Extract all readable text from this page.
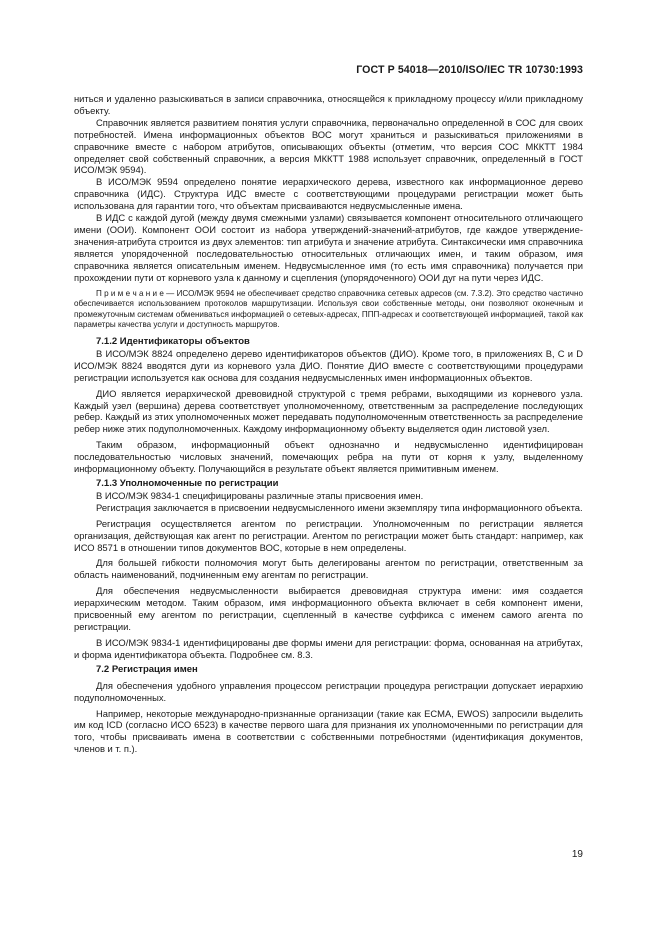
ГОСТ Р 54018—2010/ISO/IEC TR 10730:1993

ниться и удаленно разыскиваться в записи справочника, относящейся к прикладному процессу и/или прикладному объекту.

Справочник является развитием понятия услуги справочника, первоначально определенной в СОС для своих потребностей. Имена информационных объектов ВОС могут храниться и разыскиваться приложениями в справочнике вместе с набором атрибутов, описывающих объекты (отметим, что версия СОС МККТТ 1984 определяет свой собственный справочник, а версия МККТТ 1988 использует справочник, определенный в ГОСТ ИСО/МЭК 9594).

В ИСО/МЭК 9594 определено понятие иерархического дерева, известного как информационное дерево справочника (ИДС). Структура ИДС вместе с соответствующими процедурами регистрации может быть использована для гарантии того, что объектам присваиваются недвусмысленные имена.

В ИДС с каждой дугой (между двумя смежными узлами) связывается компонент относительного отличающего имени (ООИ). Компонент ООИ состоит из набора утверждений-значений-атрибутов, где каждое утверждение-значения-атрибута строится из двух элементов: тип атрибута и значение атрибута. Синтаксически имя справочника является упорядоченной последовательностью относительных отличающих имен, и таким образом, имя справочника является описательным именем. Недвусмысленное имя (то есть имя справочника) получается при прохождении пути от корневого узла к данному и сцепления (упорядоченного) ООИ дуг на пути через ИДС.

П р и м е ч а н и е — ИСО/МЭК 9594 не обеспечивает средство справочника сетевых адресов (см. 7.3.2). Это средство частично обеспечивается использованием протоколов маршрутизации. Используя свои собственные методы, они позволяют оконечным и промежуточным системам обмениваться информацией о сетевых-адресах, ППП-адресах и соответствующей информацией, такой как параметры качества услуги и доступность маршрутов.

7.1.2 Идентификаторы объектов

В ИСО/МЭК 8824 определено дерево идентификаторов объектов (ДИО). Кроме того, в приложениях B, C и D ИСО/МЭК 8824 вводятся дуги из корневого узла ДИО. Понятие ДИО вместе с соответствующими процедурами регистрации используется как основа для создания недвусмысленных имен информационных объектов.

ДИО является иерархической древовидной структурой с тремя ребрами, выходящими из корневого узла. Каждый узел (вершина) дерева соответствует уполномоченному, ответственным за распределение последующих ребер. Каждый из этих уполномоченных может передавать подуполномоченным ответственность за распределение ребер ниже этих подуполномоченных. Каждому информационному объекту выделяется один листовой узел.

Таким образом, информационный объект однозначно и недвусмысленно идентифицирован последовательностью числовых значений, помечающих ребра на пути от корня к узлу, выделенному информационному объекту. Получающийся в результате объект является примитивным именем.

7.1.3 Уполномоченные по регистрации

В ИСО/МЭК 9834-1 специфицированы различные этапы присвоения имен.

Регистрация заключается в присвоении недвусмысленного имени экземпляру типа информационного объекта.

Регистрация осуществляется агентом по регистрации. Уполномоченным по регистрации является организация, действующая как агент по регистрации. Агентом по регистрации может быть стандарт: например, как ИСО 8571 в отношении типов документов ВОС, которые в нем определены.

Для большей гибкости полномочия могут быть делегированы агентом по регистрации, ответственным за область наименований, подчиненным ему агентам по регистрации.

Для обеспечения недвусмысленности выбирается древовидная структура имени: имя создается иерархическим методом. Таким образом, имя информационного объекта включает в себя компонент имени, присвоенный ему агентом по регистрации, сцепленный в качестве суффикса с именем самого агента по регистрации.

В ИСО/МЭК 9834-1 идентифицированы две формы имени для регистрации: форма, основанная на атрибутах, и форма идентификатора объекта. Подробнее см. 8.3.

7.2 Регистрация имен

Для обеспечения удобного управления процессом регистрации процедура регистрации допускает иерархию подуполномоченных.

Например, некоторые международно-признанные организации (такие как ECMA, EWOS) запросили выделить им код ICD (согласно ИСО 6523) в качестве первого шага для признания их уполномоченными по регистрации для того, чтобы присваивать имена в соответствии с собственными потребностями (идентификация документов, членов и т. п.).

19
